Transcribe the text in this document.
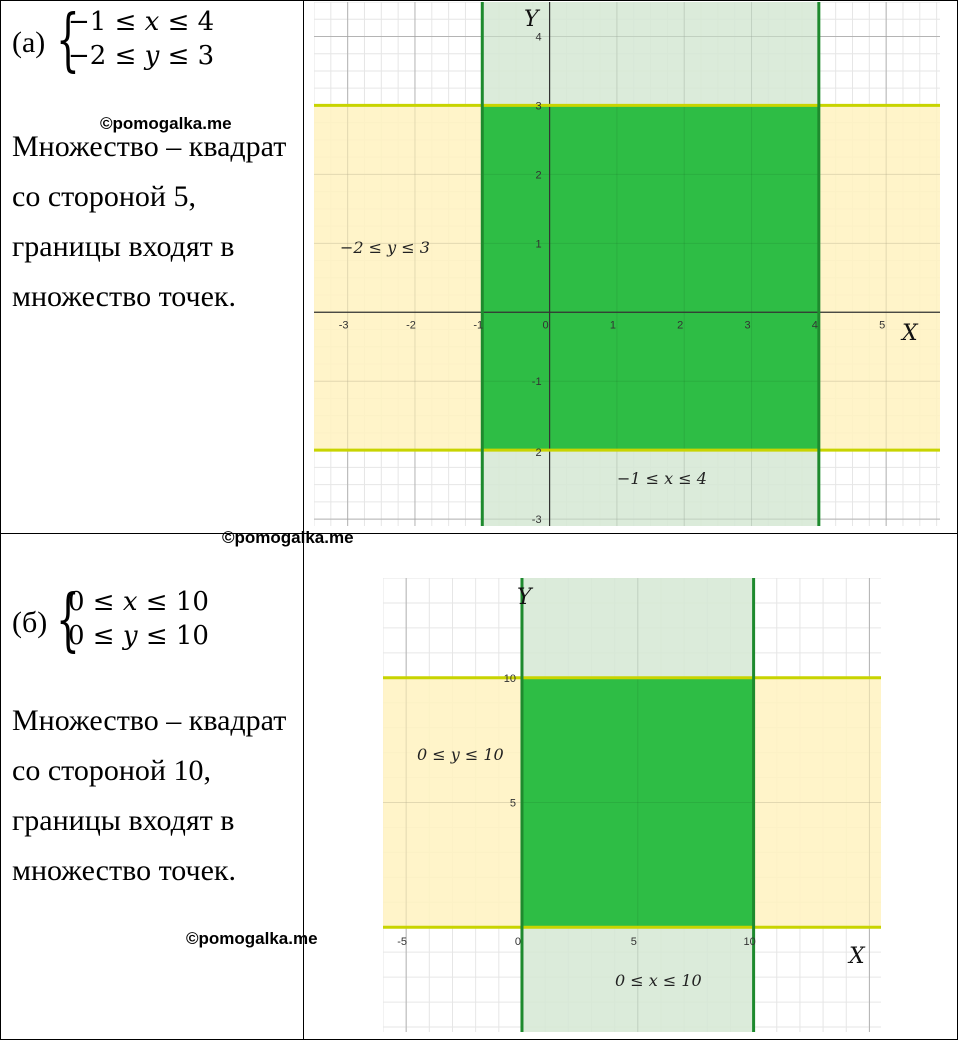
(а) {
−1 ≤ x ≤ 4
−2 ≤ y ≤ 3
©pomogalka.me
Множество – квадрат со стороной 5, границы входят в множество точек.
-3	-2	-1	0	1	2	3	4	5
-3
-1
1
2
3
4
2
X
Y
−1 ≤ x ≤ 4
−2 ≤ y ≤ 3
©pomogalka.me
(б) {
0 ≤ x ≤ 10
0 ≤ y ≤ 10
Множество – квадрат со стороной 10, границы входят в множество точек.
©pomogalka.me	-5	0	5	10
5
10
X
Y
0 ≤ x ≤ 10
0 ≤ y ≤ 10
